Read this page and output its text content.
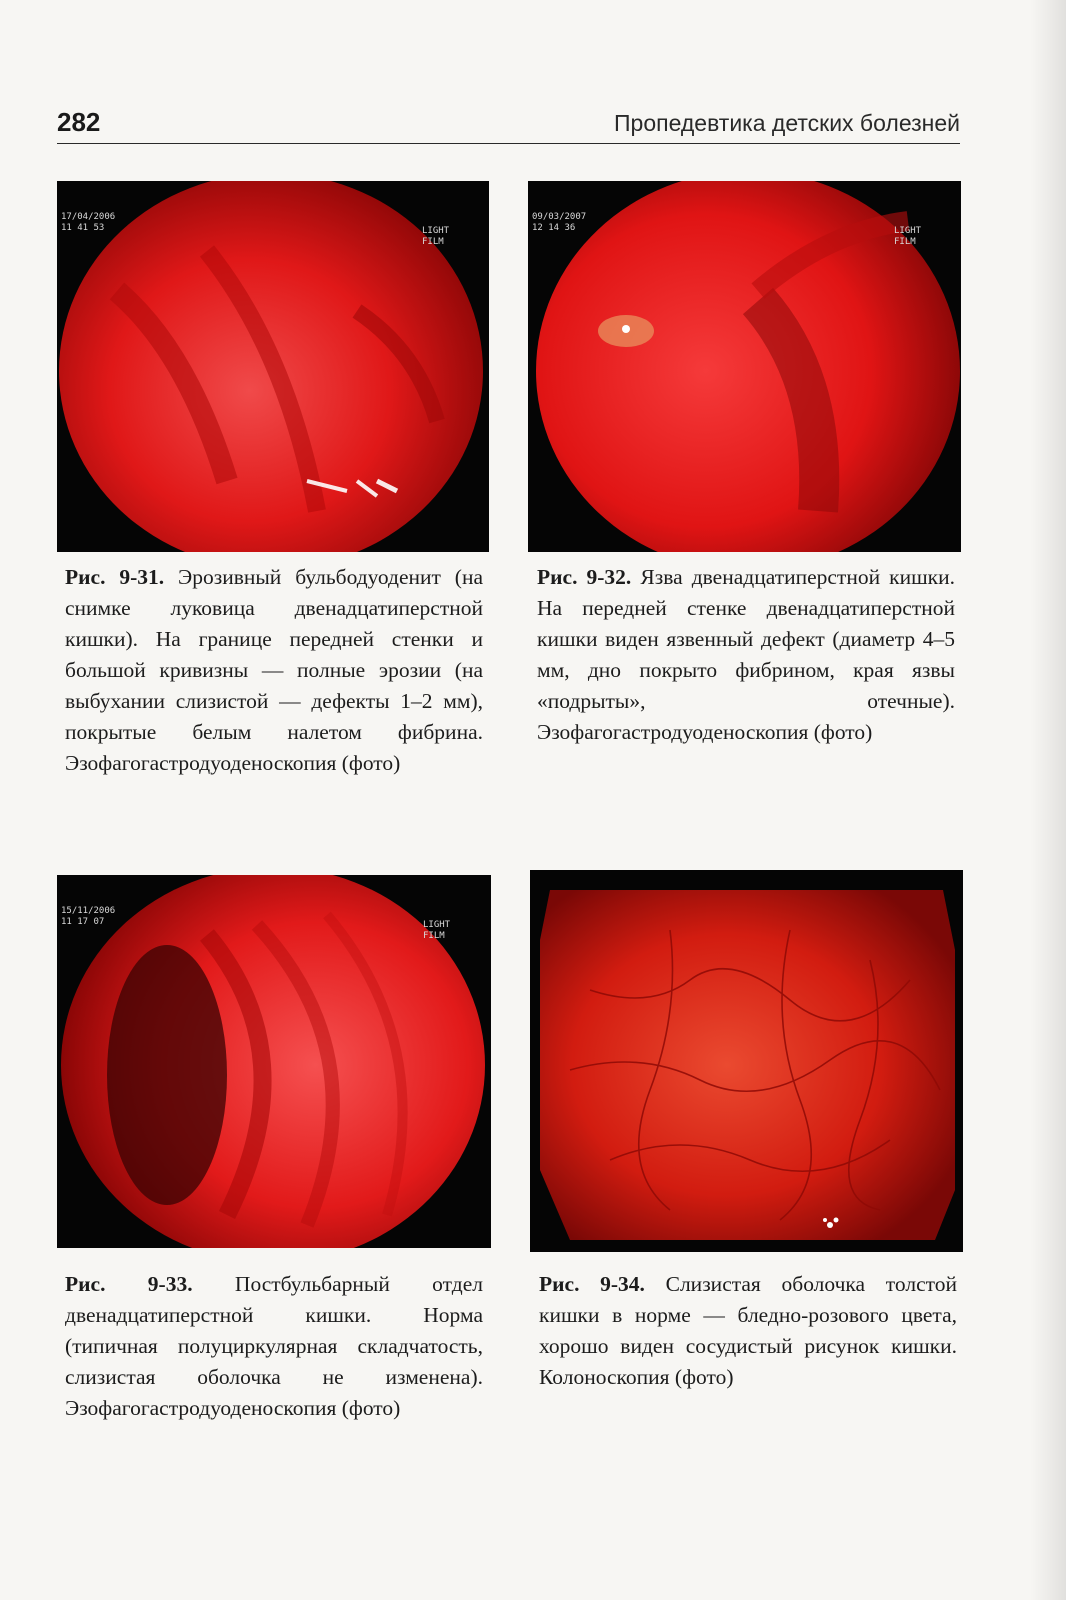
282	Пропедевтика детских болезней
17/04/2006
11 41 53	LIGHT
FILM

Рис. 9-31. Эрозивный бульбодуоденит (на снимке луковица двенадцатиперстной кишки). На границе передней стенки и большой кривизны — полные эрозии (на выбухании слизистой — дефекты 1–2 мм), покрытые белым налетом фибрина. Эзофагогастродуоденоскопия (фото)

09/03/2007
12 14 36	LIGHT
FILM

Рис. 9-32. Язва двенадцатиперстной кишки. На передней стенке двенадцатиперстной кишки виден язвенный дефект (диаметр 4–5 мм, дно покрыто фибрином, края язвы «подрыты», отечные). Эзофагогастродуоденоскопия (фото)

15/11/2006
11 17 07	LIGHT
FILM

Рис. 9-33. Постбульбарный отдел двенадцатиперстной кишки. Норма (типичная полуциркулярная складчатость, слизистая оболочка не изменена). Эзофагогастродуоденоскопия (фото)

Рис. 9-34. Слизистая оболочка толстой кишки в норме — бледно-розового цвета, хорошо виден сосудистый рисунок кишки. Колоноскопия (фото)
